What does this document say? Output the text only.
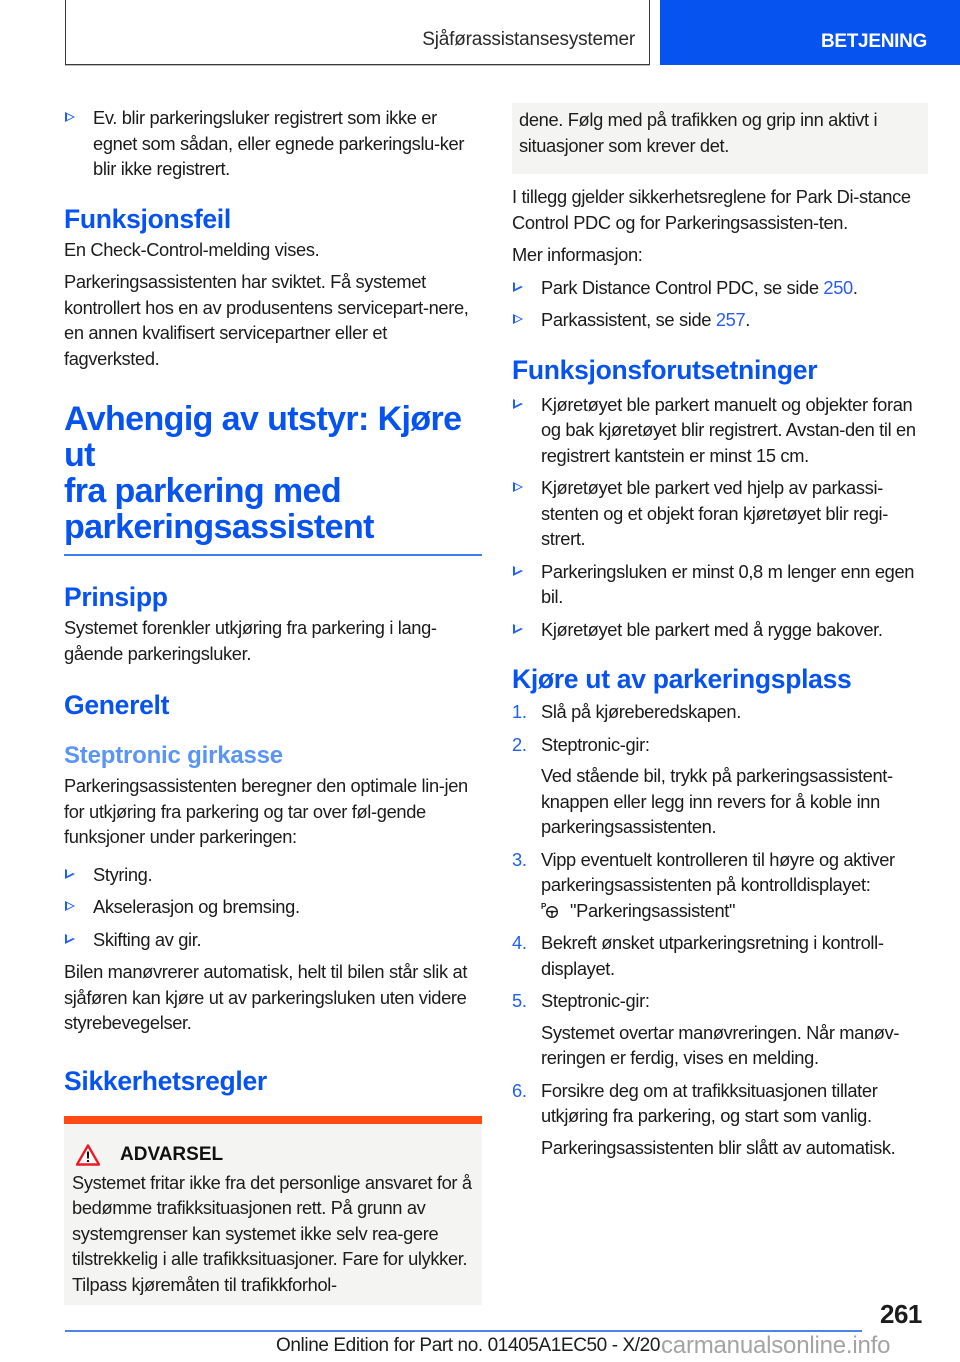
Sjåførassistansesystemer	BETJENING
Ev. blir parkeringsluker registrert som ikke er egnet som sådan, eller egnede parkeringslu-ker blir ikke registrert.
Funksjonsfeil
En Check-Control-melding vises.
Parkeringsassistenten har sviktet. Få systemet kontrollert hos en av produsentens servicepart-nere, en annen kvalifisert servicepartner eller et fagverksted.
Avhengig av utstyr: Kjøre ut
fra parkering med
parkeringsassistent
Prinsipp
Systemet forenkler utkjøring fra parkering i lang-gående parkeringsluker.
Generelt
Steptronic girkasse
Parkeringsassistenten beregner den optimale lin-jen for utkjøring fra parkering og tar over føl-gende funksjoner under parkeringen:
Styring.
Akselerasjon og bremsing.
Skifting av gir.
Bilen manøvrerer automatisk, helt til bilen står slik at sjåføren kan kjøre ut av parkeringsluken uten videre styrebevegelser.
Sikkerhetsregler
ADVARSEL
Systemet fritar ikke fra det personlige ansvaret for å bedømme trafikksituasjonen rett. På grunn av systemgrenser kan systemet ikke selv rea-gere tilstrekkelig i alle trafikksituasjoner. Fare for ulykker. Tilpass kjøremåten til trafikkforhol-
dene. Følg med på trafikken og grip inn aktivt i situasjoner som krever det.
I tillegg gjelder sikkerhetsreglene for Park Di-stance Control PDC og for Parkeringsassisten-ten.
Mer informasjon:
Park Distance Control PDC, se side 250.
Parkassistent, se side 257.
Funksjonsforutsetninger
Kjøretøyet ble parkert manuelt og objekter foran og bak kjøretøyet blir registrert. Avstan-den til en registrert kantstein er minst 15 cm.
Kjøretøyet ble parkert ved hjelp av parkassi-stenten og et objekt foran kjøretøyet blir regi-strert.
Parkeringsluken er minst 0,8 m lenger enn egen bil.
Kjøretøyet ble parkert med å rygge bakover.
Kjøre ut av parkeringsplass
1. Slå på kjøreberedskapen.
2. Steptronic-gir:
Ved stående bil, trykk på parkeringsassistent-knappen eller legg inn revers for å koble inn parkeringsassistenten.
3. Vipp eventuelt kontrolleren til høyre og aktiver parkeringsassistenten på kontrolldisplayet:
P "Parkeringsassistent"
4. Bekreft ønsket utparkeringsretning i kontroll-displayet.
5. Steptronic-gir:
Systemet overtar manøvreringen. Når manøv-reringen er ferdig, vises en melding.
6. Forsikre deg om at trafikksituasjonen tillater utkjøring fra parkering, og start som vanlig.
Parkeringsassistenten blir slått av automatisk.
261
Online Edition for Part no. 01405A1EC50 - X/20 carmanualsonline.info
